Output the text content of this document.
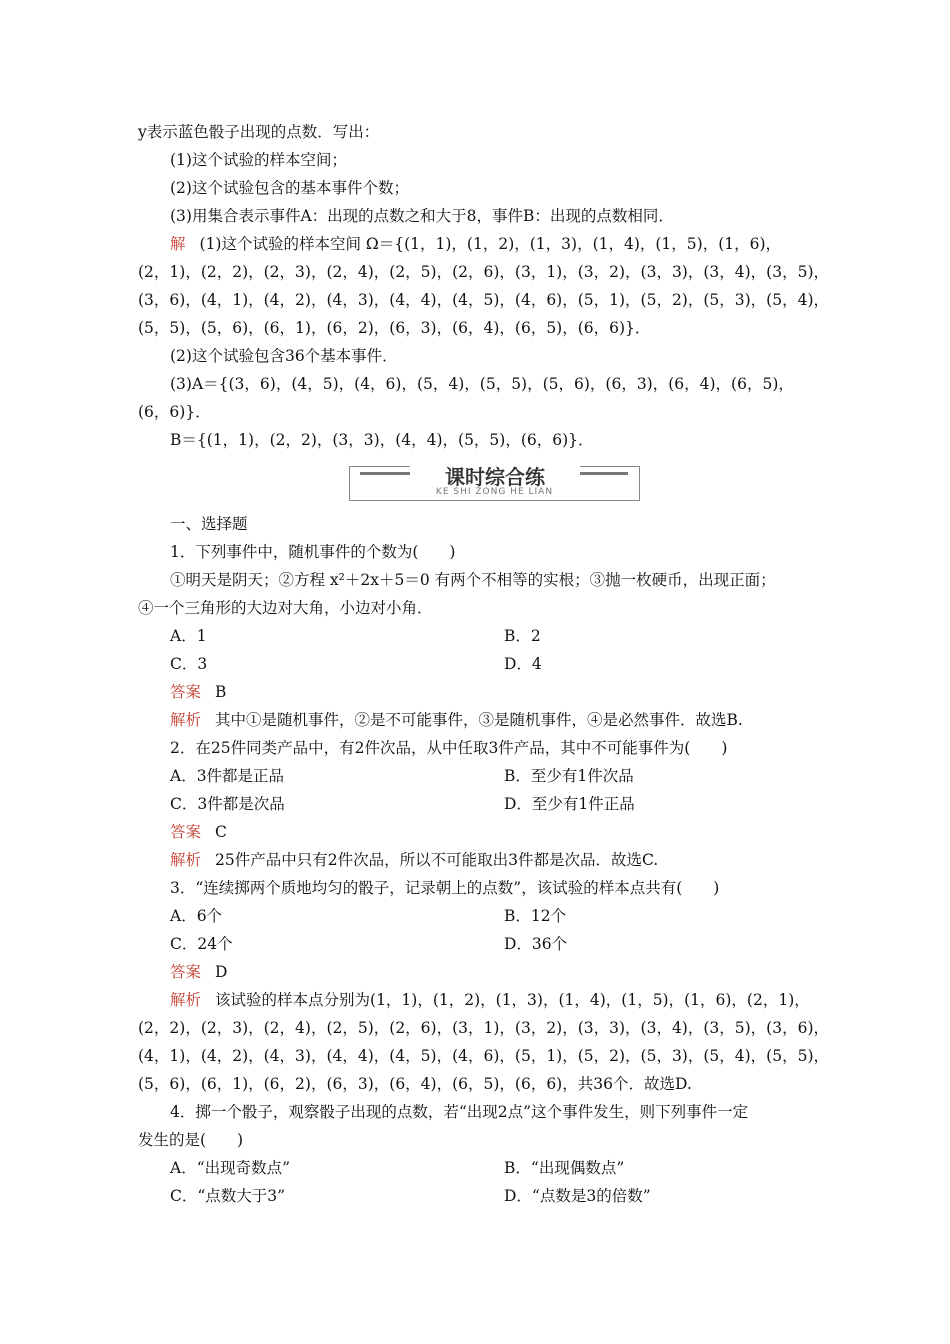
y表示蓝色骰子出现的点数．写出：
(1)这个试验的样本空间；
(2)这个试验包含的基本事件个数；
(3)用集合表示事件A：出现的点数之和大于8，事件B：出现的点数相同．
解 (1)这个试验的样本空间 Ω＝{(1，1)，(1，2)，(1，3)，(1，4)，(1，5)，(1，6)，
(2，1)，(2，2)，(2，3)，(2，4)，(2，5)，(2，6)，(3，1)，(3，2)，(3，3)，(3，4)，(3，5)，
(3，6)，(4，1)，(4，2)，(4，3)，(4，4)，(4，5)，(4，6)，(5，1)，(5，2)，(5，3)，(5，4)，
(5，5)，(5，6)，(6，1)，(6，2)，(6，3)，(6，4)，(6，5)，(6，6)}．
(2)这个试验包含36个基本事件．
(3)A＝{(3，6)，(4，5)，(4，6)，(5，4)，(5，5)，(5，6)，(6，3)，(6，4)，(6，5)，
(6，6)}．
B＝{(1，1)，(2，2)，(3，3)，(4，4)，(5，5)，(6，6)}．
课时综合练
KE SHI ZONG HE LIAN
一、选择题
1．下列事件中，随机事件的个数为(　　)
①明天是阴天；②方程 x²＋2x＋5＝0 有两个不相等的实根；③抛一枚硬币，出现正面；
④一个三角形的大边对大角，小边对小角．
A．1	B．2
C．3	D．4
答案 B
解析 其中①是随机事件，②是不可能事件，③是随机事件，④是必然事件．故选B.
2．在25件同类产品中，有2件次品，从中任取3件产品，其中不可能事件为(　　)
A．3件都是正品	B．至少有1件次品
C．3件都是次品	D．至少有1件正品
答案 C
解析 25件产品中只有2件次品，所以不可能取出3件都是次品．故选C.
3．“连续掷两个质地均匀的骰子，记录朝上的点数”，该试验的样本点共有(　　)
A．6个	B．12个
C．24个	D．36个
答案 D
解析 该试验的样本点分别为(1，1)，(1，2)，(1，3)，(1，4)，(1，5)，(1，6)，(2，1)，
(2，2)，(2，3)，(2，4)，(2，5)，(2，6)，(3，1)，(3，2)，(3，3)，(3，4)，(3，5)，(3，6)，
(4，1)，(4，2)，(4，3)，(4，4)，(4，5)，(4，6)，(5，1)，(5，2)，(5，3)，(5，4)，(5，5)，
(5，6)，(6，1)，(6，2)，(6，3)，(6，4)，(6，5)，(6，6)，共36个．故选D.
4．掷一个骰子，观察骰子出现的点数，若“出现2点”这个事件发生，则下列事件一定
发生的是(　　)
A．“出现奇数点”	B．“出现偶数点”
C．“点数大于3”	D．“点数是3的倍数”
